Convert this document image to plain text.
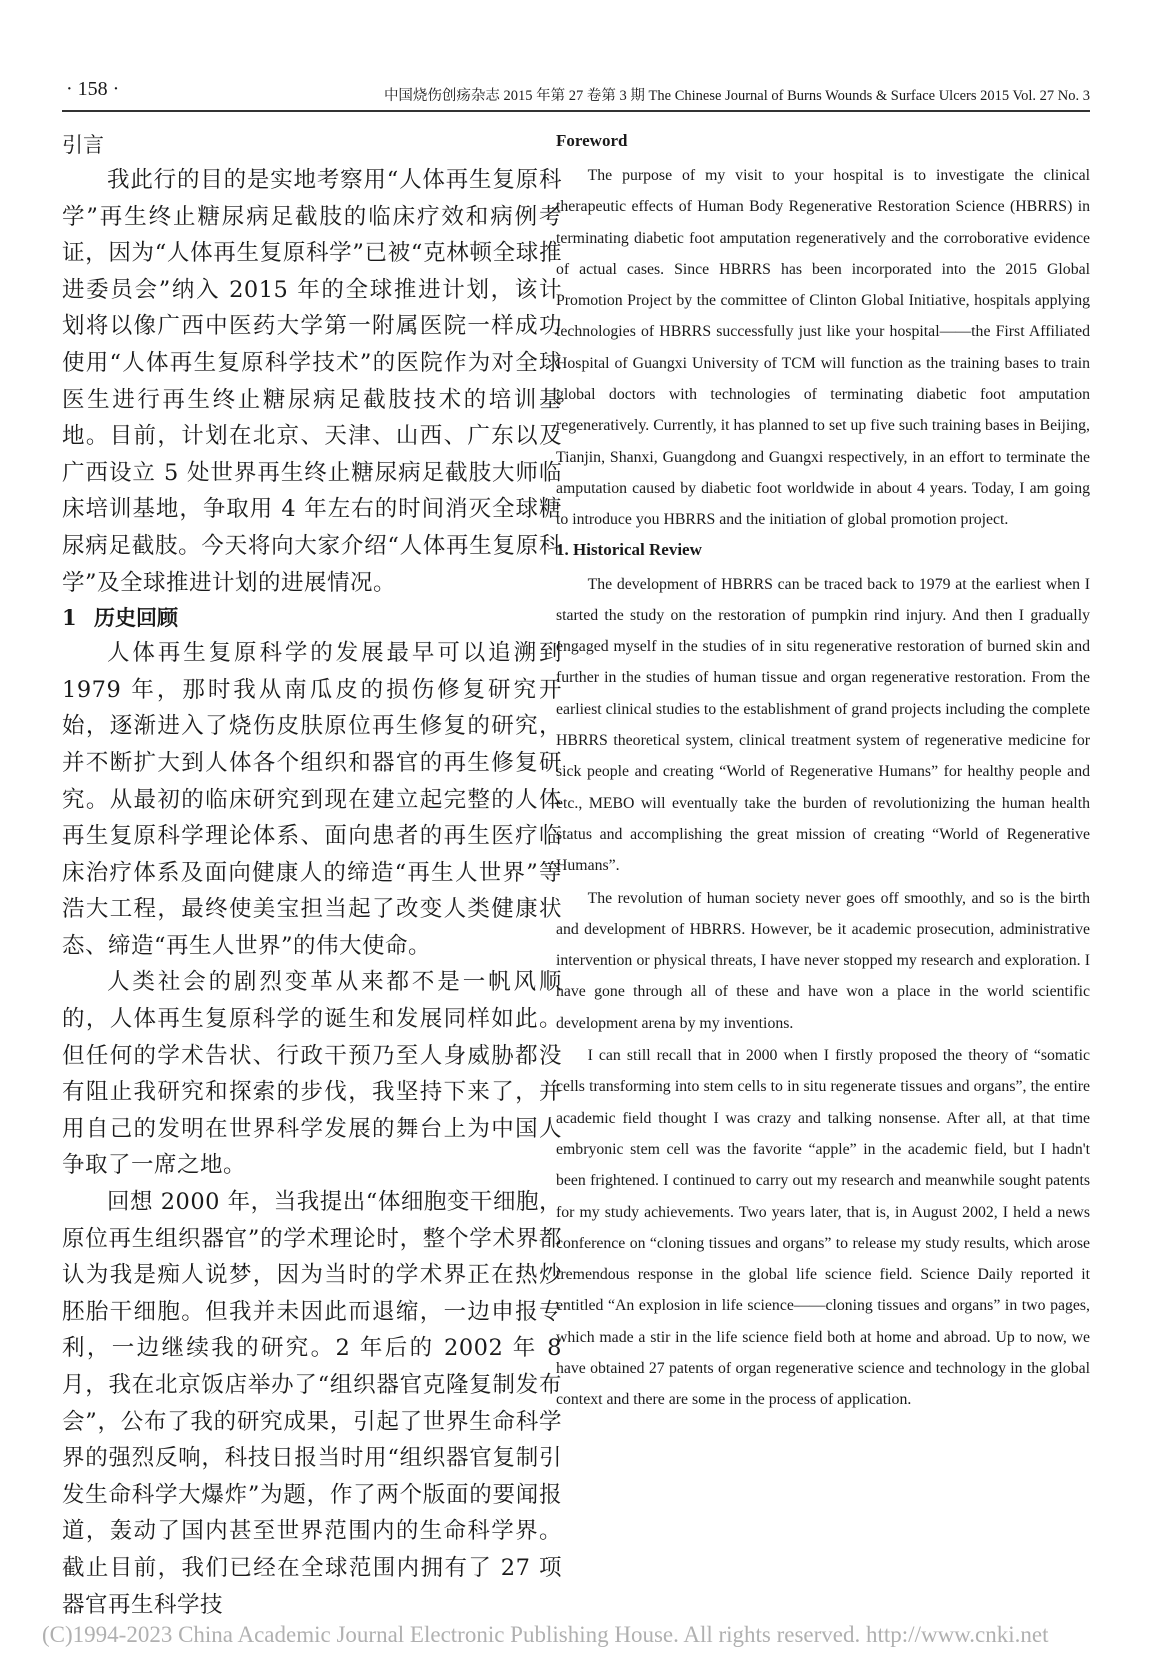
· 158 ·	中国烧伤创疡杂志 2015 年第 27 卷第 3 期 The Chinese Journal of Burns Wounds & Surface Ulcers 2015 Vol. 27 No. 3
引言

我此行的目的是实地考察用“人体再生复原科学”再生终止糖尿病足截肢的临床疗效和病例考证，因为“人体再生复原科学”已被“克林顿全球推进委员会”纳入 2015 年的全球推进计划，该计划将以像广西中医药大学第一附属医院一样成功使用“人体再生复原科学技术”的医院作为对全球医生进行再生终止糖尿病足截肢技术的培训基地。目前，计划在北京、天津、山西、广东以及广西设立 5 处世界再生终止糖尿病足截肢大师临床培训基地，争取用 4 年左右的时间消灭全球糖尿病足截肢。今天将向大家介绍“人体再生复原科学”及全球推进计划的进展情况。

1 历史回顾

人体再生复原科学的发展最早可以追溯到 1979 年，那时我从南瓜皮的损伤修复研究开始，逐渐进入了烧伤皮肤原位再生修复的研究，并不断扩大到人体各个组织和器官的再生修复研究。从最初的临床研究到现在建立起完整的人体再生复原科学理论体系、面向患者的再生医疗临床治疗体系及面向健康人的缔造“再生人世界”等浩大工程，最终使美宝担当起了改变人类健康状态、缔造“再生人世界”的伟大使命。

人类社会的剧烈变革从来都不是一帆风顺的，人体再生复原科学的诞生和发展同样如此。但任何的学术告状、行政干预乃至人身威胁都没有阻止我研究和探索的步伐，我坚持下来了，并用自己的发明在世界科学发展的舞台上为中国人争取了一席之地。

回想 2000 年，当我提出“体细胞变干细胞，原位再生组织器官”的学术理论时，整个学术界都认为我是痴人说梦，因为当时的学术界正在热炒胚胎干细胞。但我并未因此而退缩，一边申报专利，一边继续我的研究。2 年后的 2002 年 8 月，我在北京饭店举办了“组织器官克隆复制发布会”，公布了我的研究成果，引起了世界生命科学界的强烈反响，科技日报当时用“组织器官复制引发生命科学大爆炸”为题，作了两个版面的要闻报道，轰动了国内甚至世界范围内的生命科学界。截止目前，我们已经在全球范围内拥有了 27 项器官再生科学技

Foreword

The purpose of my visit to your hospital is to investigate the clinical therapeutic effects of Human Body Regenerative Restoration Science (HBRRS) in terminating diabetic foot amputation regeneratively and the corroborative evidence of actual cases. Since HBRRS has been incorporated into the 2015 Global Promotion Project by the committee of Clinton Global Initiative, hospitals applying technologies of HBRRS successfully just like your hospital——the First Affiliated Hospital of Guangxi University of TCM will function as the training bases to train global doctors with technologies of terminating diabetic foot amputation regeneratively. Currently, it has planned to set up five such training bases in Beijing, Tianjin, Shanxi, Guangdong and Guangxi respectively, in an effort to terminate the amputation caused by diabetic foot worldwide in about 4 years. Today, I am going to introduce you HBRRS and the initiation of global promotion project.

1. Historical Review

The development of HBRRS can be traced back to 1979 at the earliest when I started the study on the restoration of pumpkin rind injury. And then I gradually engaged myself in the studies of in situ regenerative restoration of burned skin and further in the studies of human tissue and organ regenerative restoration. From the earliest clinical studies to the establishment of grand projects including the complete HBRRS theoretical system, clinical treatment system of regenerative medicine for sick people and creating “World of Regenerative Humans” for healthy people and etc., MEBO will eventually take the burden of revolutionizing the human health status and accomplishing the great mission of creating “World of Regenerative Humans”.

The revolution of human society never goes off smoothly, and so is the birth and development of HBRRS. However, be it academic prosecution, administrative intervention or physical threats, I have never stopped my research and exploration. I have gone through all of these and have won a place in the world scientific development arena by my inventions.

I can still recall that in 2000 when I firstly proposed the theory of “somatic cells transforming into stem cells to in situ regenerate tissues and organs”, the entire academic field thought I was crazy and talking nonsense. After all, at that time embryonic stem cell was the favorite “apple” in the academic field, but I hadn't been frightened. I continued to carry out my research and meanwhile sought patents for my study achievements. Two years later, that is, in August 2002, I held a news conference on “cloning tissues and organs” to release my study results, which arose tremendous response in the global life science field. Science Daily reported it entitled “An explosion in life science——cloning tissues and organs” in two pages, which made a stir in the life science field both at home and abroad. Up to now, we have obtained 27 patents of organ regenerative science and technology in the global context and there are some in the process of application.

(C)1994-2023 China Academic Journal Electronic Publishing House. All rights reserved. http://www.cnki.net
